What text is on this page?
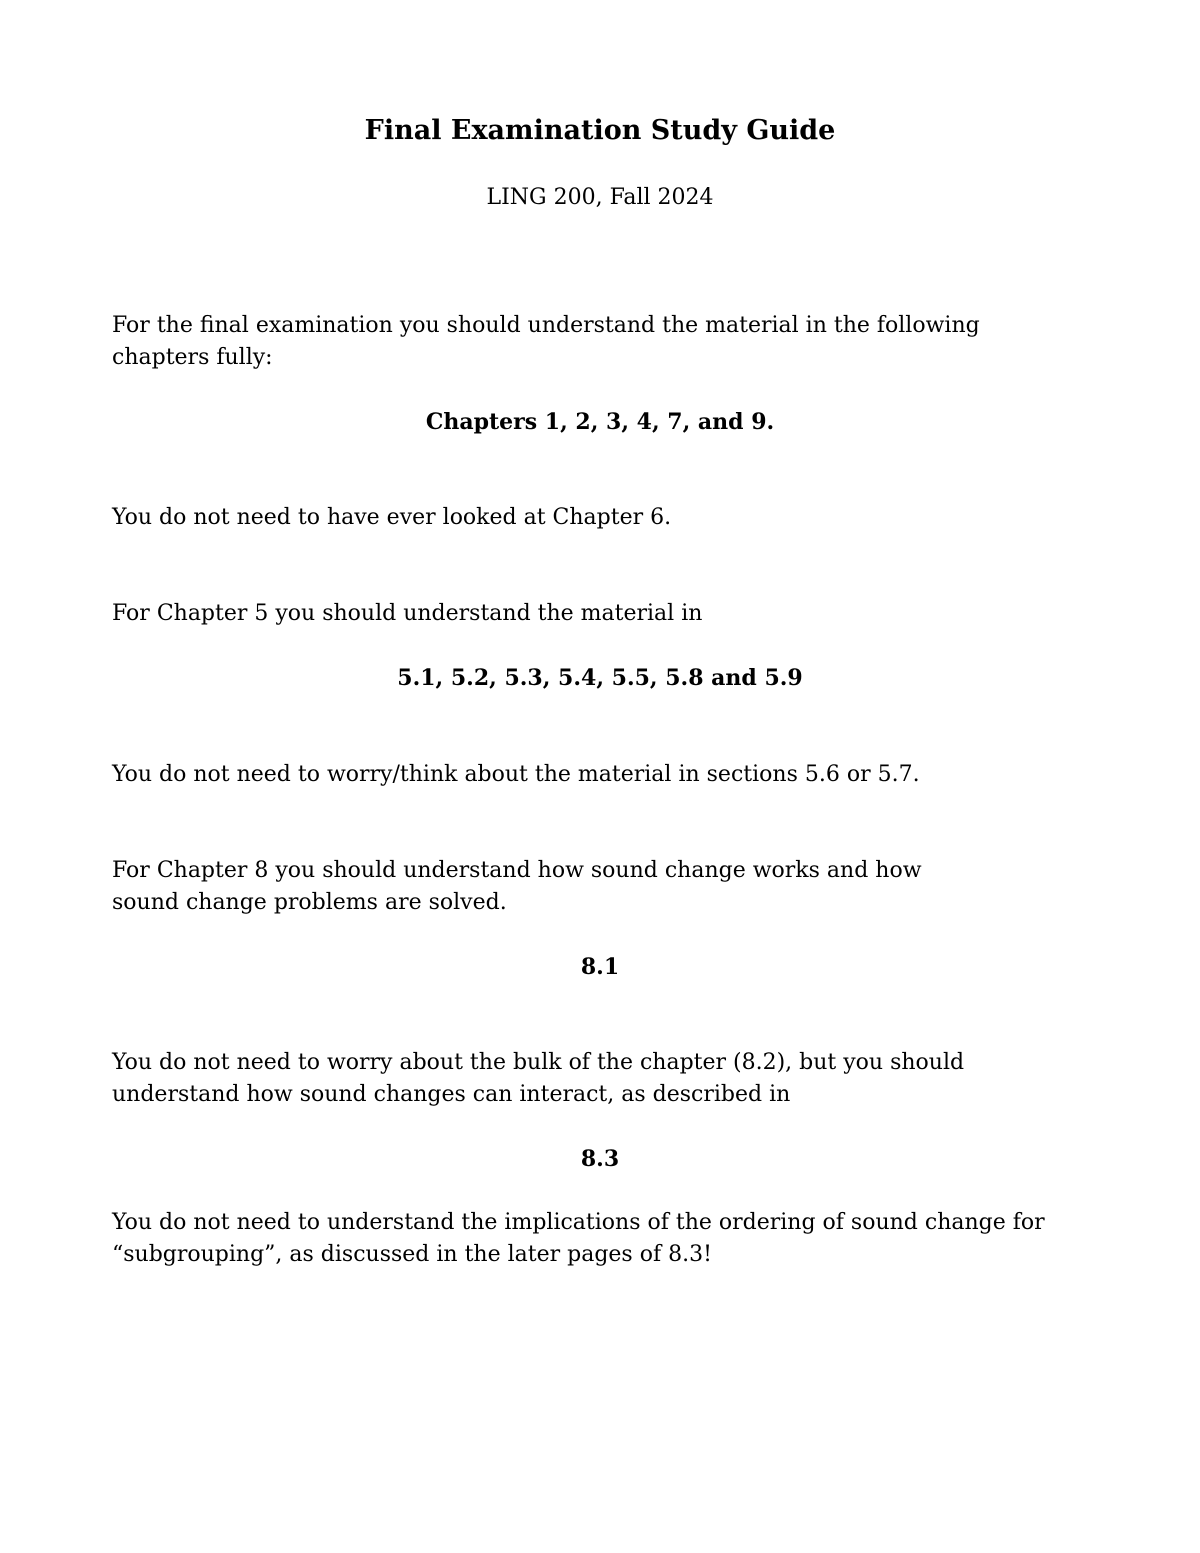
Final Examination Study Guide
LING 200, Fall 2024
For the final examination you should understand the material in the following
chapters fully:
Chapters 1, 2, 3, 4, 7, and 9.
You do not need to have ever looked at Chapter 6.
For Chapter 5 you should understand the material in
5.1, 5.2, 5.3, 5.4, 5.5, 5.8 and 5.9
You do not need to worry/think about the material in sections 5.6 or 5.7.
For Chapter 8 you should understand how sound change works and how
sound change problems are solved.
8.1
You do not need to worry about the bulk of the chapter (8.2), but you should
understand how sound changes can interact, as described in
8.3
You do not need to understand the implications of the ordering of sound change for
“subgrouping”, as discussed in the later pages of 8.3!
